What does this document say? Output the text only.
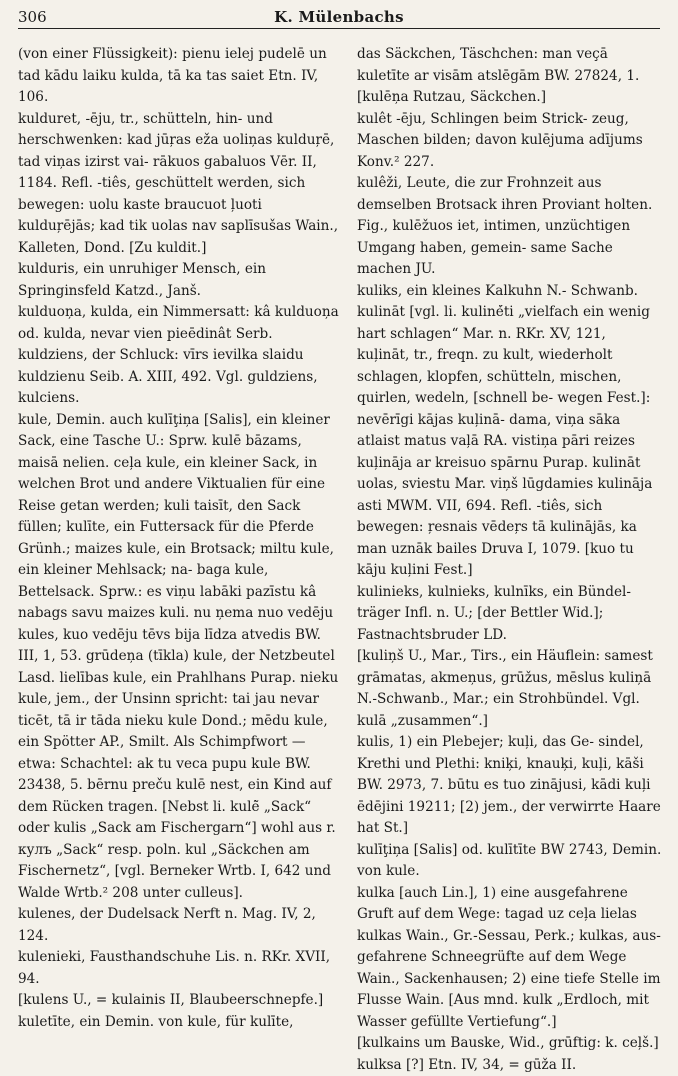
306	K. Mülenbachs

(von einer Flüssigkeit): pienu ielej pudelē un tad kādu laiku kulda, tā ka tas saiet Etn. IV, 106.

kulduret, -ēju, tr., schütteln, hin- und herschwenken: kad jūŗas eža uoliņas kulduŗē, tad viņas izirst vai- rākuos gabaluos Vēr. II, 1184. Refl. -tiês, geschüttelt werden, sich bewegen: uolu kaste braucuot ļuoti kulduŗējās; kad tik uolas nav saplīsušas Wain., Kalleten, Dond. [Zu kuldit.]

kulduris, ein unruhiger Mensch, ein Springinsfeld Katzd., Janš.

kulduoņa, kulda, ein Nimmersatt: kâ kulduoņa od. kulda, nevar vien pieēdinât Serb.

kuldziens, der Schluck: vīrs ievilka slaidu kuldzienu Seib. A. XIII, 492. Vgl. guldziens, kulciens.

kule, Demin. auch kulīţiņa [Salis], ein kleiner Sack, eine Tasche U.: Sprw. kulē bāzams, maisā nelien. ceļa kule, ein kleiner Sack, in welchen Brot und andere Viktualien für eine Reise getan werden; kuli taisīt, den Sack füllen; kulīte, ein Futtersack für die Pferde Grünh.; maizes kule, ein Brotsack; miltu kule, ein kleiner Mehlsack; na- baga kule, Bettelsack. Sprw.: es viņu labāki pazīstu kâ nabags savu maizes kuli. nu ņema nuo vedēju kules, kuo vedēju tēvs bija līdza atvedis BW. III, 1, 53. grūdeņa (tīkla) kule, der Netzbeutel Lasd. lielības kule, ein Prahlhans Purap. nieku kule, jem., der Unsinn spricht: tai jau nevar ticēt, tā ir tāda nieku kule Dond.; mēdu kule, ein Spötter AP., Smilt. Als Schimpfwort — etwa: Schachtel: ak tu veca pupu kule BW. 23438, 5. bērnu preču kulē nest, ein Kind auf dem Rücken tragen. [Nebst li. kulė̃ „Sack“ oder kulis „Sack am Fischergarn“] wohl aus r. кулъ „Sack“ resp. poln. kul „Säckchen am Fischernetz“, [vgl. Berneker Wrtb. I, 642 und Walde Wrtb.² 208 unter culleus].

kulenes, der Dudelsack Nerft n. Mag. IV, 2, 124.

kulenieki, Fausthandschuhe Lis. n. RKr. XVII, 94.

[kulens U., = kulainis II, Blaubeerschnepfe.]

kuletīte, ein Demin. von kule, für kulīte,

das Säckchen, Täschchen: man veçā kuletīte ar visām atslēgām BW. 27824, 1.

[kulēņa Rutzau, Säckchen.]

kulêt -ēju, Schlingen beim Strick- zeug, Maschen bilden; davon kulējuma adījums Konv.² 227.

kulêži, Leute, die zur Frohnzeit aus demselben Brotsack ihren Proviant holten. Fig., kulēžuos iet, intimen, unzüchtigen Umgang haben, gemein- same Sache machen JU.

kuliks, ein kleines Kalkuhn N.- Schwanb.

kulināt [vgl. li. kulinė́ti „vielfach ein wenig hart schlagen“ Mar. n. RKr. XV, 121, kuļināt, tr., freqn. zu kult, wiederholt schlagen, klopfen, schütteln, mischen, quirlen, wedeln, [schnell be- wegen Fest.]: nevērīgi kājas kuļinā- dama, viņa sāka atlaist matus vaļā RA. vistiņa pāri reizes kuļināja ar kreisuo spārnu Purap. kulināt uolas, sviestu Mar. viņš lūgdamies kulināja asti MWM. VII, 694. Refl. -tiês, sich bewegen: ŗesnais vēdeŗs tā kulinājās, ka man uznāk bailes Druva I, 1079. [kuo tu kāju kuļini Fest.]

kulinieks, kulnieks, kulnīks, ein Bündel- träger Infl. n. U.; [der Bettler Wid.]; Fastnachtsbruder LD.

[kuliņš U., Mar., Tirs., ein Häuflein: samest grāmatas, akmeņus, grūžus, mēslus kuliņā N.-Schwanb., Mar.; ein Strohbündel. Vgl. kulā „zusammen“.]

kulis, 1) ein Plebejer; kuļi, das Ge- sindel, Krethi und Plethi: kniķi, knauķi, kuļi, kāši BW. 2973, 7. būtu es tuo zinājusi, kādi kuļi ēdējini 19211; [2) jem., der verwirrte Haare hat St.]

kulīţiņa [Salis] od. kulītīte BW 2743, Demin. von kule.

kulka [auch Lin.], 1) eine ausgefahrene Gruft auf dem Wege: tagad uz ceļa lielas kulkas Wain., Gr.-Sessau, Perk.; kulkas, aus- gefahrene Schneegrüfte auf dem Wege Wain., Sackenhausen; 2) eine tiefe Stelle im Flusse Wain. [Aus mnd. kulk „Erdloch, mit Wasser gefüllte Vertiefung“.]

[kulkains um Bauske, Wid., grūftig: k. ceļš.]

kulksa [?] Etn. IV, 34, = gūža II.
